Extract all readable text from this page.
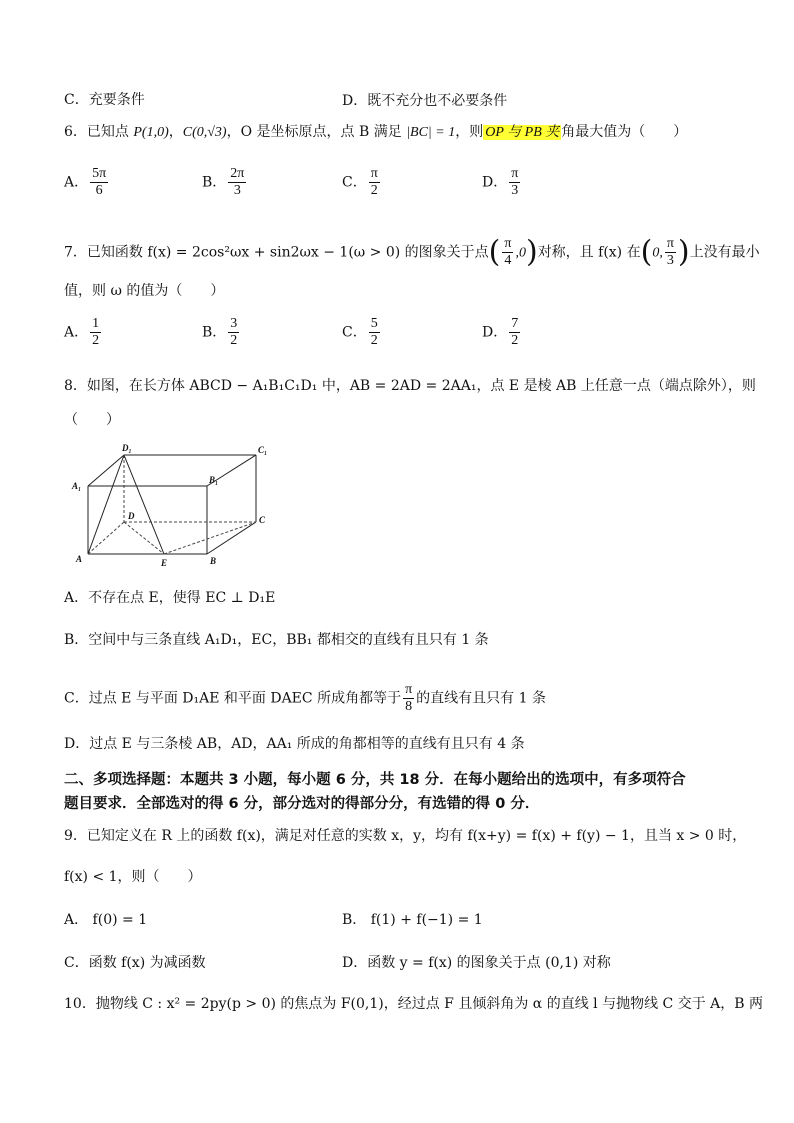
C．充要条件	D．既不充分也不必要条件
6．已知点 P(1,0)，C(0,√3)，O 是坐标原点，点 B 满足 |BC| = 1，则 OP 与 PB 夹 角最大值为（　　）
A． $\frac{5\pi}{6}$	B． $\frac{2\pi}{3}$	C． $\frac{\pi}{2}$	D． $\frac{\pi}{3}$
7．已知函数 f(x) = 2cos²ωx + sin2ωx − 1(ω > 0) 的图象关于点( $\frac{\pi}{4} ,0$)对称，且 f(x) 在(0, $\frac{\pi}{3}$ )上没有最小
值，则 ω 的值为（　　）
A． $\frac{1}{2}$	B． $\frac{3}{2}$	C． $\frac{5}{2}$	D． $\frac{7}{2}$
8．如图，在长方体 ABCD − A₁B₁C₁D₁ 中，AB = 2AD = 2AA₁，点 E 是棱 AB 上任意一点（端点除外），则
（　　）
D₁	C₁
A₁
B₁
D	C
A	E	B
A．不存在点 E，使得 EC ⊥ D₁E
B．空间中与三条直线 A₁D₁，EC，BB₁ 都相交的直线有且只有 1 条
C．过点 E 与平面 D₁AE 和平面 DAEC 所成角都等于 $\frac{\pi}{8}$ 的直线有且只有 1 条
D．过点 E 与三条棱 AB，AD，AA₁ 所成的角都相等的直线有且只有 4 条
二、多项选择题：本题共 3 小题，每小题 6 分，共 18 分．在每小题给出的选项中，有多项符合
题目要求．全部选对的得 6 分，部分选对的得部分分，有选错的得 0 分．
9．已知定义在 R 上的函数 f(x)，满足对任意的实数 x，y，均有 f(x+y) = f(x) + f(y) − 1，且当 x > 0 时，
f(x) < 1，则（　　）
A． f(0) = 1	B． f(1) + f(−1) = 1
C．函数 f(x) 为减函数	D．函数 y = f(x) 的图象关于点 (0,1) 对称
10．抛物线 C : x² = 2py(p > 0) 的焦点为 F(0,1)，经过点 F 且倾斜角为 α 的直线 l 与抛物线 C 交于 A，B 两
